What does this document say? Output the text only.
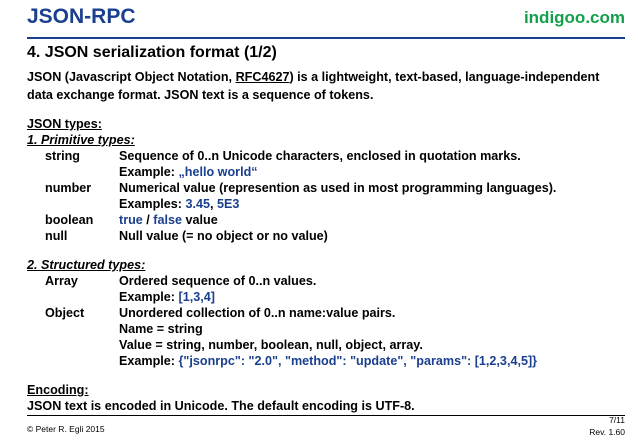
JSON-RPC	indigoo.com
4. JSON serialization format (1/2)
JSON (Javascript Object Notation, RFC4627) is a lightweight, text-based, language-independent
data exchange format. JSON text is a sequence of tokens.
JSON types:
1. Primitive types:
string	Sequence of 0..n Unicode characters, enclosed in quotation marks.
Example: „hello world“
number Numerical value (represention as used in most programming languages).
Examples: 3.45, 5E3
boolean true / false value
null	Null value (= no object or no value)
2. Structured types:
Array	Ordered sequence of 0..n values.
Example: [1,3,4]
Object	Unordered collection of 0..n name:value pairs.
Name = string
Value = string, number, boolean, null, object, array.
Example: {"jsonrpc": "2.0", "method": "update", "params": [1,2,3,4,5]}
Encoding:
JSON text is encoded in Unicode. The default encoding is UTF-8.
© Peter R. Egli 2015
7/11
Rev. 1.60
